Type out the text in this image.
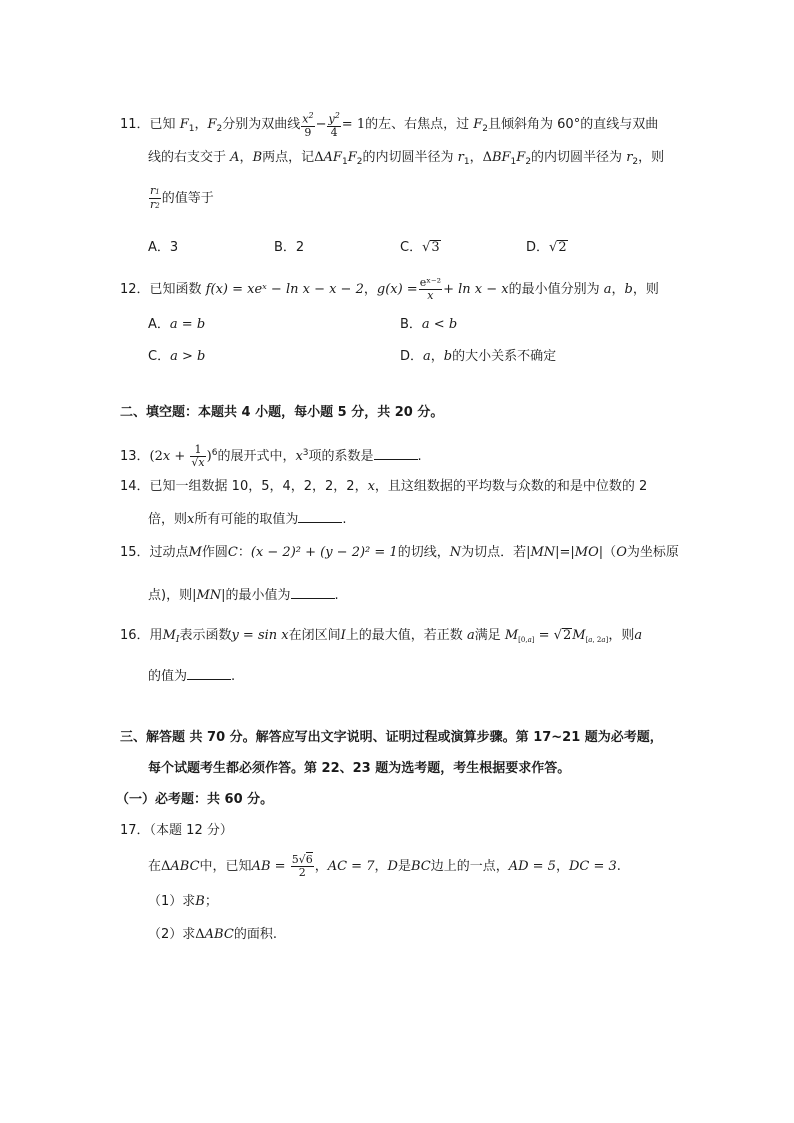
11．已知 $F_1$，$F_2$分别为双曲线 $\frac{x^2}{9} - \frac{y^2}{4} = 1$的左、右焦点，过 $F_2$且倾斜角为 60°的直线与双曲
线的右支交于 A，B两点，记$\Delta AF_1F_2$的内切圆半径为 $r_1$，$\Delta BF_1F_2$的内切圆半径为 $r_2$，则
$\frac{r1}{r2}$ 的值等于
A．3	B．2	C．√3	D．√2
12．已知函数 f(x) = xeˣ − ln x − x − 2，$g(x) = \frac{\text{eˣ⁻²}}{x} + \ln x - x$的最小值分别为 a，b，则
A．a = b	B．a < b
C．a > b	D．a，b的大小关系不确定
二、填空题：本题共 4 小题，每小题 5 分，共 20 分。
13．$(2x + \frac{1}{√x} )^6$的展开式中，$x^3$项的系数是	.
14．已知一组数据 10，5，4，2，2，2，x，且这组数据的平均数与众数的和是中位数的 2
倍，则x所有可能的取值为	.
15．过动点M作圆C：(x − 2)² + (y − 2)² = 1的切线，N为切点．若|MN|=|MO|（O为坐标原
点)，则|MN|的最小值为	.
16．用$M_I$表示函数y = sin x在闭区间I上的最大值，若正数 a满足 $M_{[0,a]} = √2M_{[a, 2a]}$，则a
的值为	.
三、解答题 共 70 分。解答应写出文字说明、证明过程或演算步骤。第 17~21 题为必考题，
每个试题考生都必须作答。第 22、23 题为选考题，考生根据要求作答。
（一）必考题：共 60 分。
17．（本题 12 分）
在ΔABC中，已知AB = $\frac{5√6}{2}$ ，AC = 7，D是BC边上的一点，AD = 5，DC = 3.
（1）求B；
（2）求ΔABC的面积.
